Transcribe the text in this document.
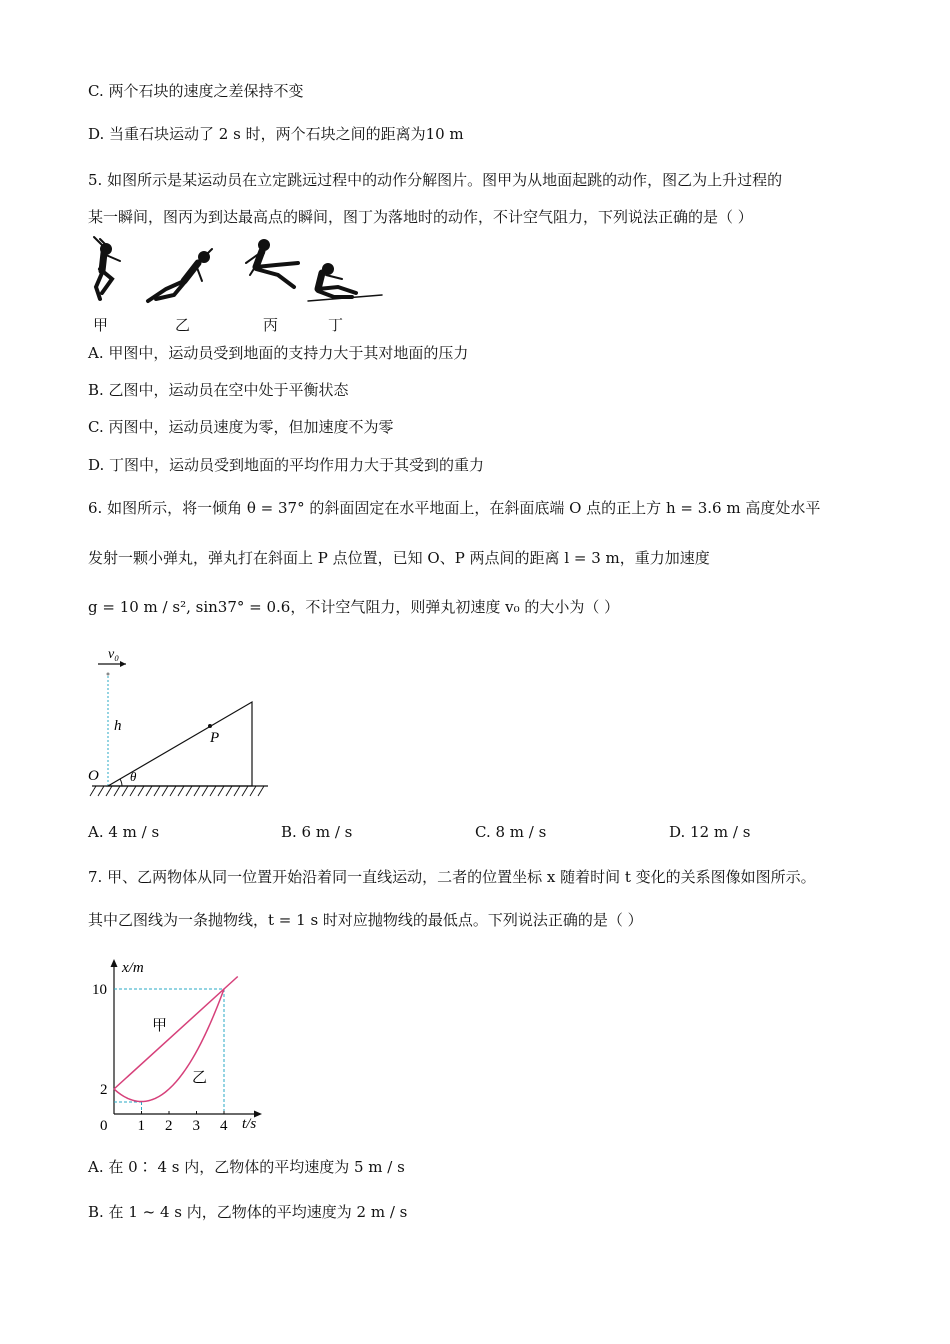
C. 两个石块的速度之差保持不变
D. 当重石块运动了 2 s 时，两个石块之间的距离为10 m
5. 如图所示是某运动员在立定跳远过程中的动作分解图片。图甲为从地面起跳的动作，图乙为上升过程的
某一瞬间，图丙为到达最高点的瞬间，图丁为落地时的动作，不计空气阻力，下列说法正确的是（ ）
甲	乙	丙	丁
A. 甲图中，运动员受到地面的支持力大于其对地面的压力
B. 乙图中，运动员在空中处于平衡状态
C. 丙图中，运动员速度为零，但加速度不为零
D. 丁图中，运动员受到地面的平均作用力大于其受到的重力
6. 如图所示，将一倾角 θ = 37° 的斜面固定在水平地面上，在斜面底端 O 点的正上方 h = 3.6 m 高度处水平
发射一颗小弹丸，弹丸打在斜面上 P 点位置，已知 O、P 两点间的距离 l = 3 m，重力加速度
g = 10 m / s², sin37° = 0.6，不计空气阻力，则弹丸初速度 v₀ 的大小为（ ）
v₀
h
P
O θ
A. 4 m / s	B. 6 m / s	C. 8 m / s	D. 12 m / s
7. 甲、乙两物体从同一位置开始沿着同一直线运动，二者的位置坐标 x 随着时间 t 变化的关系图像如图所示。
其中乙图线为一条抛物线，t = 1 s 时对应抛物线的最低点。下列说法正确的是（ ）
x/m
t/s
0 1 2 3 4
2
10
甲
乙
A. 在 0∶ 4 s 内，乙物体的平均速度为 5 m / s
B. 在 1 ~ 4 s 内，乙物体的平均速度为 2 m / s
